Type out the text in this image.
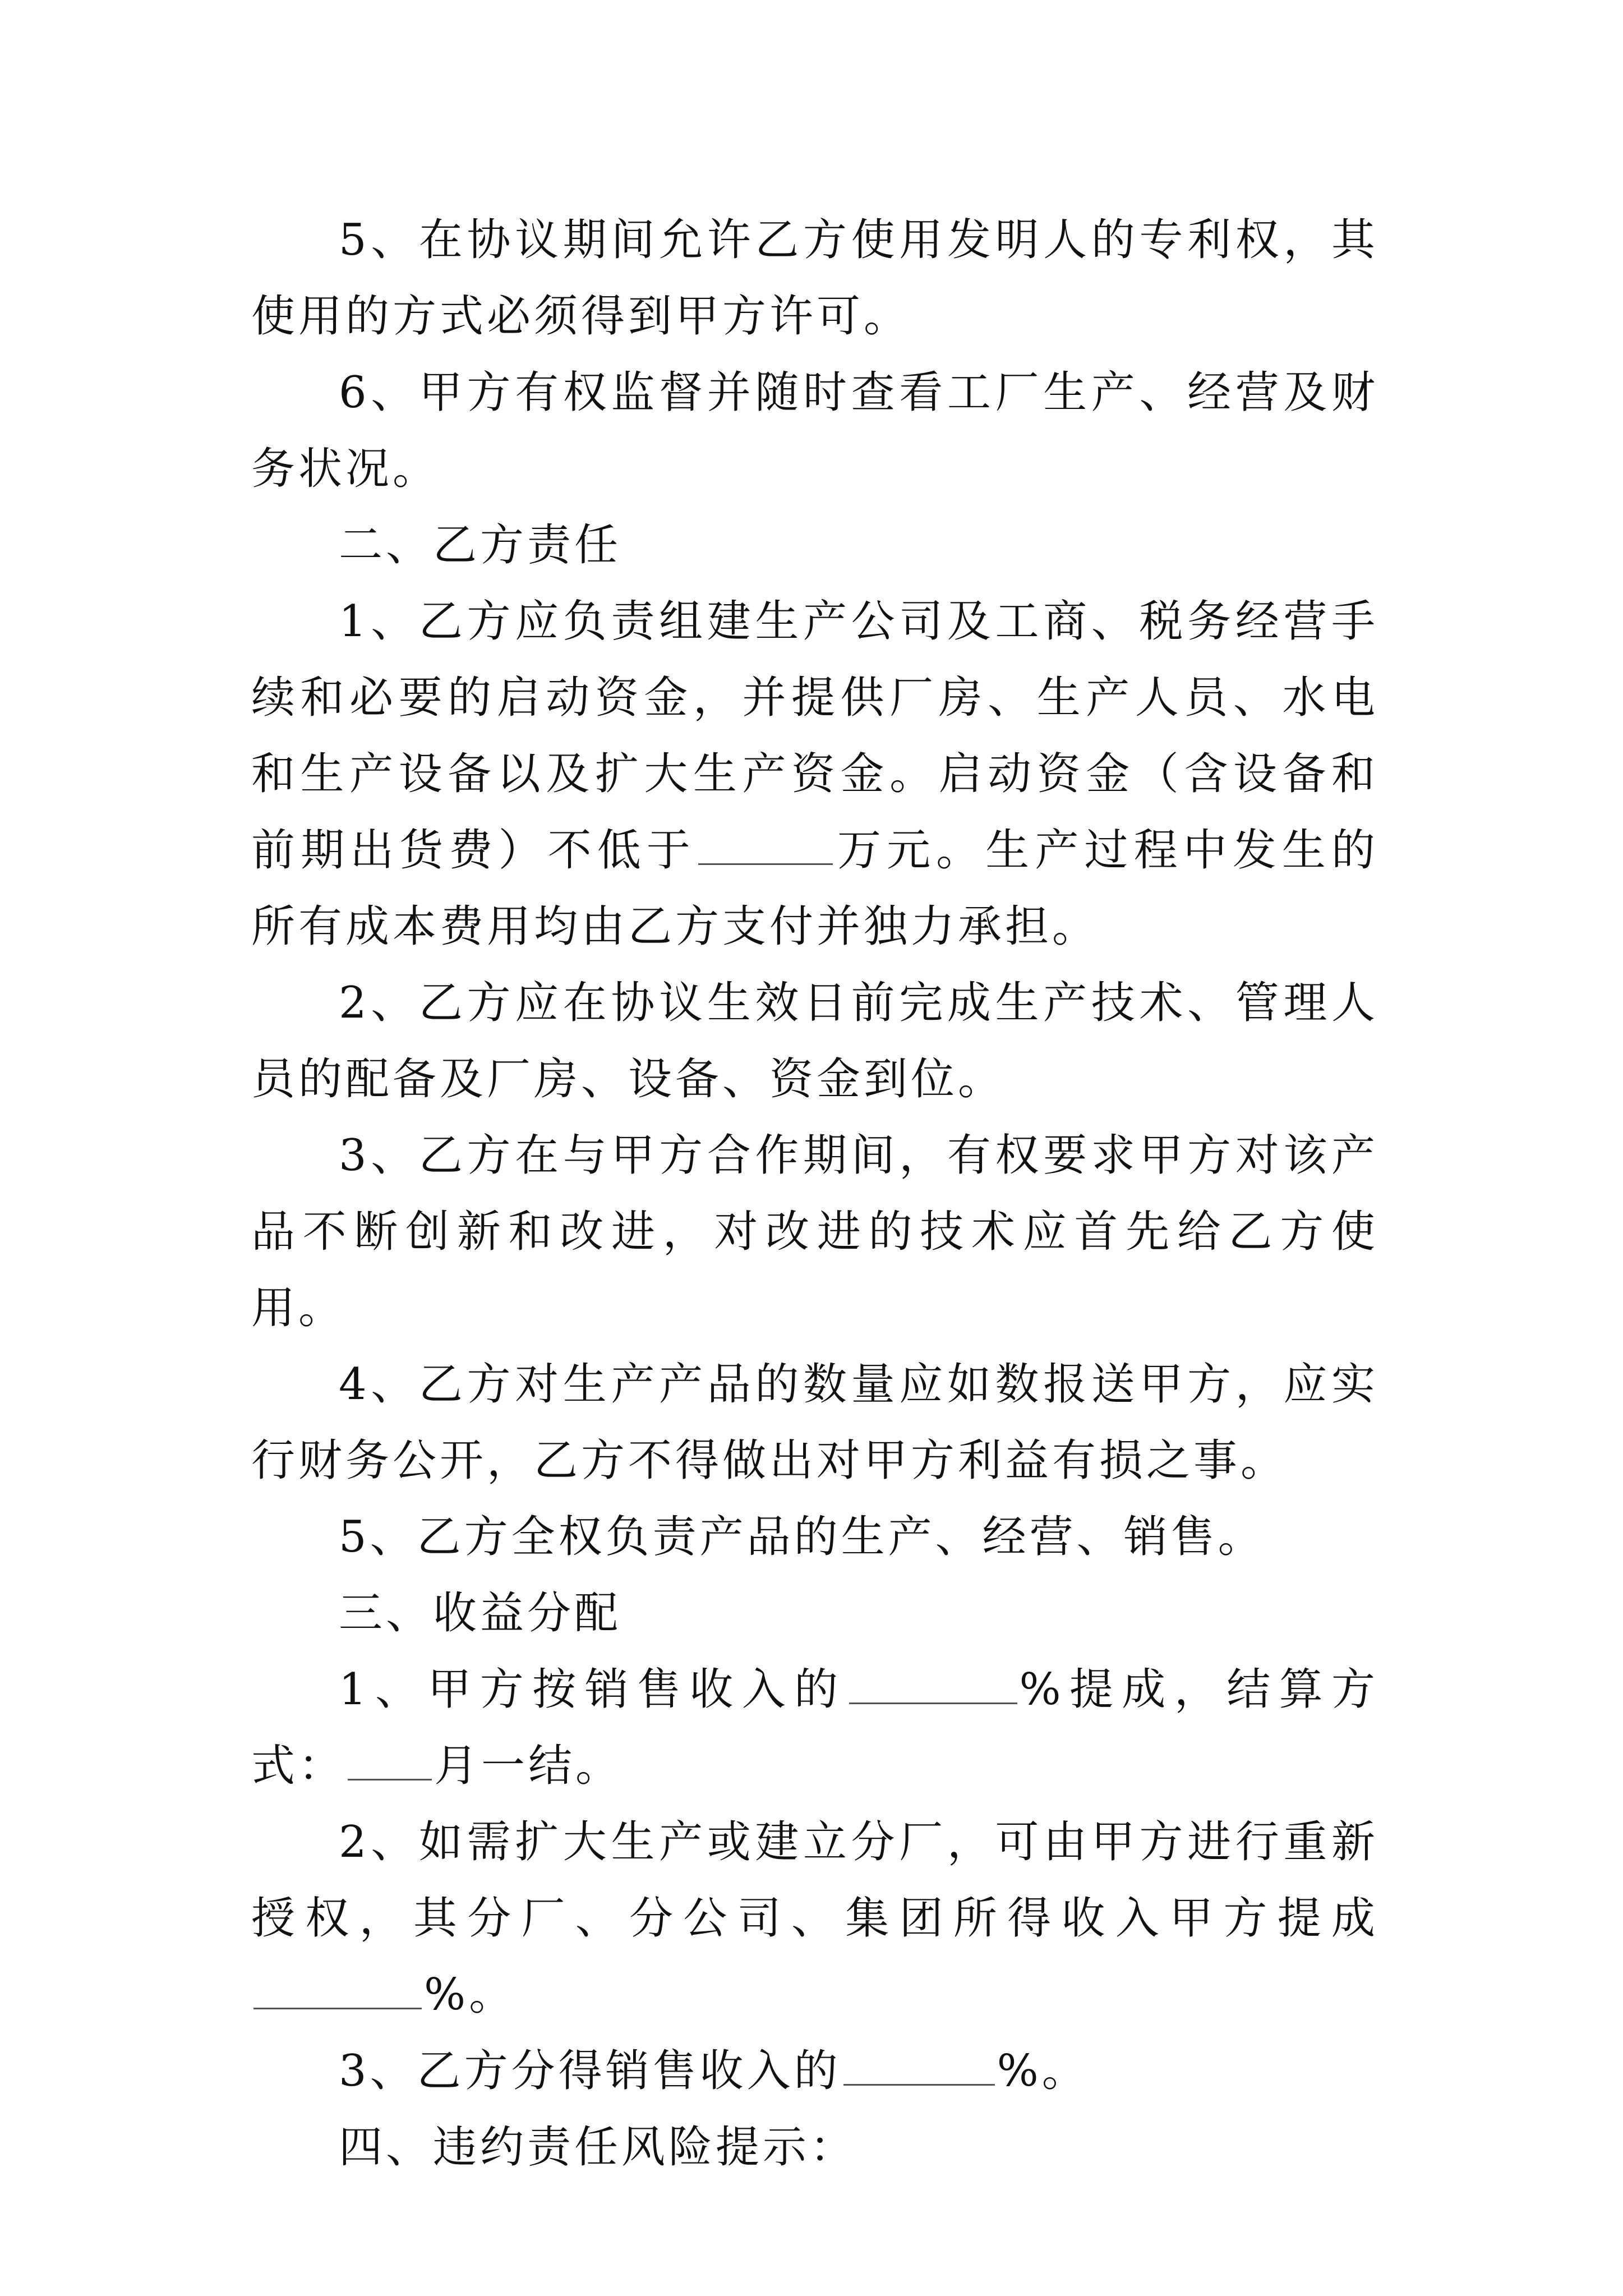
5、在协议期间允许乙方使用发明人的专利权，其使用的方式必须得到甲方许可。

6、甲方有权监督并随时查看工厂生产、经营及财务状况。

二、乙方责任

1、乙方应负责组建生产公司及工商、税务经营手续和必要的启动资金，并提供厂房、生产人员、水电和生产设备以及扩大生产资金。启动资金（含设备和前期出货费）不低于	万元。生产过程中发生的所有成本费用均由乙方支付并独力承担。

2、乙方应在协议生效日前完成生产技术、管理人员的配备及厂房、设备、资金到位。

3、乙方在与甲方合作期间，有权要求甲方对该产品不断创新和改进，对改进的技术应首先给乙方使用。

4、乙方对生产产品的数量应如数报送甲方，应实行财务公开，乙方不得做出对甲方利益有损之事。

5、乙方全权负责产品的生产、经营、销售。

三、收益分配

1、甲方按销售收入的	%提成，结算方式： 月一结。

2、如需扩大生产或建立分厂，可由甲方进行重新授权，其分厂、分公司、集团所得收入甲方提成%。

3、乙方分得销售收入的	%。

四、违约责任风险提示：
